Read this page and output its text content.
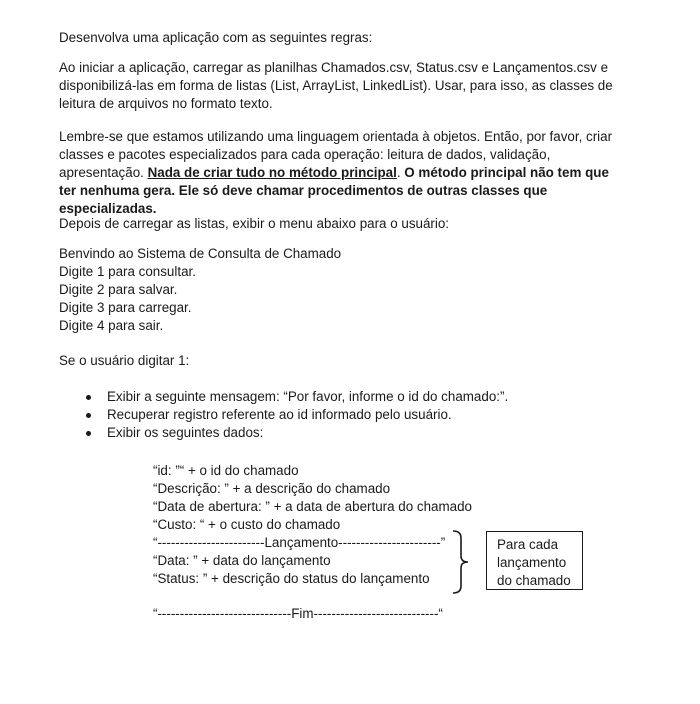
Desenvolva uma aplicação com as seguintes regras:

Ao iniciar a aplicação, carregar as planilhas Chamados.csv, Status.csv e Lançamentos.csv e disponibilizá-las em forma de listas (List, ArrayList, LinkedList). Usar, para isso, as classes de leitura de arquivos no formato texto.

Lembre-se que estamos utilizando uma linguagem orientada à objetos. Então, por favor, criar classes e pacotes especializados para cada operação: leitura de dados, validação, apresentação. Nada de criar tudo no método principal. O método principal não tem que ter nenhuma gera. Ele só deve chamar procedimentos de outras classes que especializadas.

Depois de carregar as listas, exibir o menu abaixo para o usuário:

Benvindo ao Sistema de Consulta de Chamado
Digite 1 para consultar.
Digite 2 para salvar.
Digite 3 para carregar.
Digite 4 para sair.

Se o usuário digitar 1:

Exibir a seguinte mensagem: “Por favor, informe o id do chamado:”.
Recuperar registro referente ao id informado pelo usuário.
Exibir os seguintes dados:
“id: ”“ + o id do chamado
“Descrição: ” + a descrição do chamado
“Data de abertura: ” + a data de abertura do chamado
“Custo: “ + o custo do chamado
“------------------------Lançamento-----------------------”
“Data: ” + data do lançamento
“Status: ” + descrição do status do lançamento
“------------------------------Fim----------------------------“
Para cada
lançamento
do chamado
